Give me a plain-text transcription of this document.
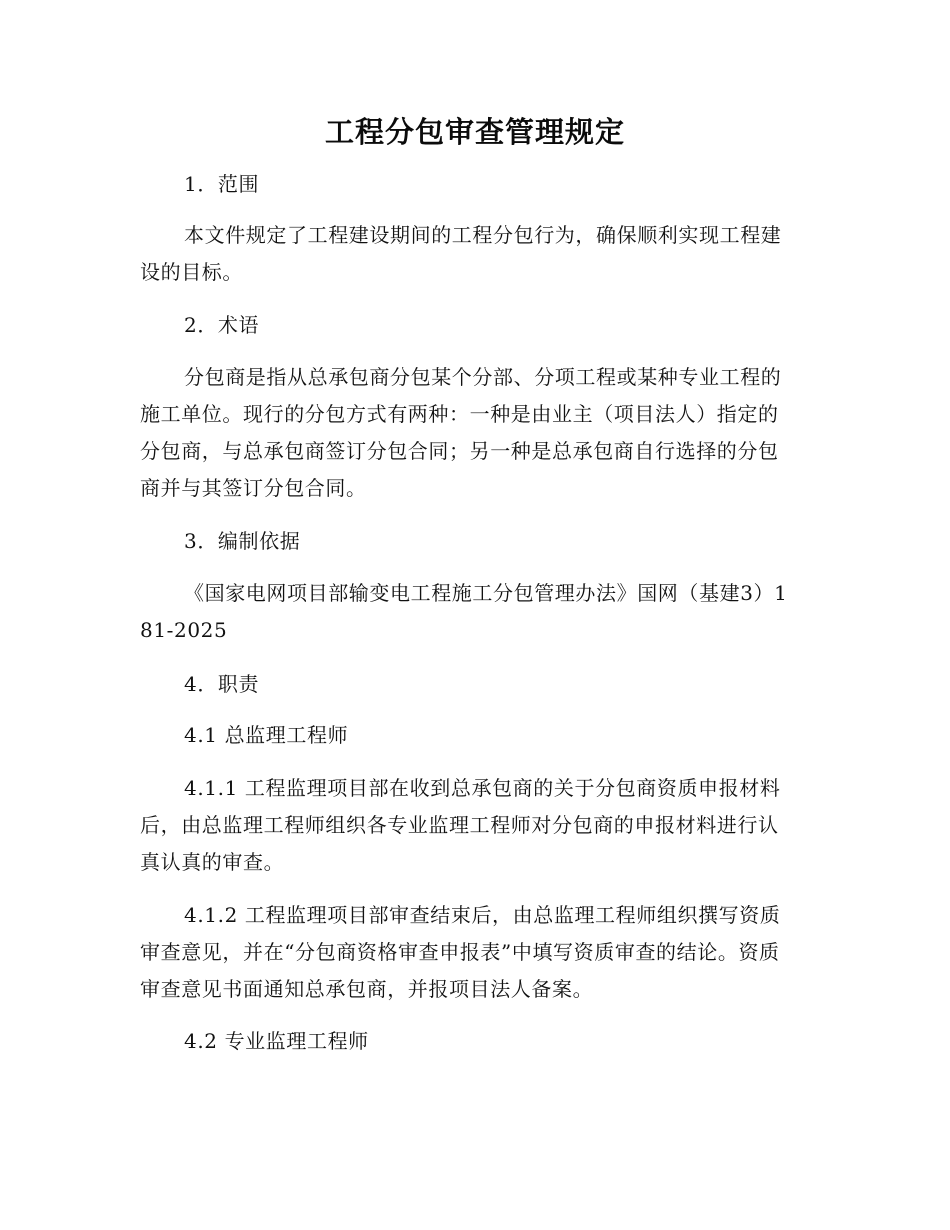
工程分包审查管理规定
1．范围
本文件规定了工程建设期间的工程分包行为，确保顺利实现工程建设的目标。
2．术语
分包商是指从总承包商分包某个分部、分项工程或某种专业工程的施工单位。现行的分包方式有两种：一种是由业主（项目法人）指定的分包商，与总承包商签订分包合同；另一种是总承包商自行选择的分包商并与其签订分包合同。
3．编制依据
《国家电网项目部输变电工程施工分包管理办法》国网（基建3）181-2025
4．职责
4.1 总监理工程师
4.1.1 工程监理项目部在收到总承包商的关于分包商资质申报材料后，由总监理工程师组织各专业监理工程师对分包商的申报材料进行认真认真的审查。
4.1.2 工程监理项目部审查结束后，由总监理工程师组织撰写资质审查意见，并在“分包商资格审查申报表”中填写资质审查的结论。资质审查意见书面通知总承包商，并报项目法人备案。
4.2 专业监理工程师
